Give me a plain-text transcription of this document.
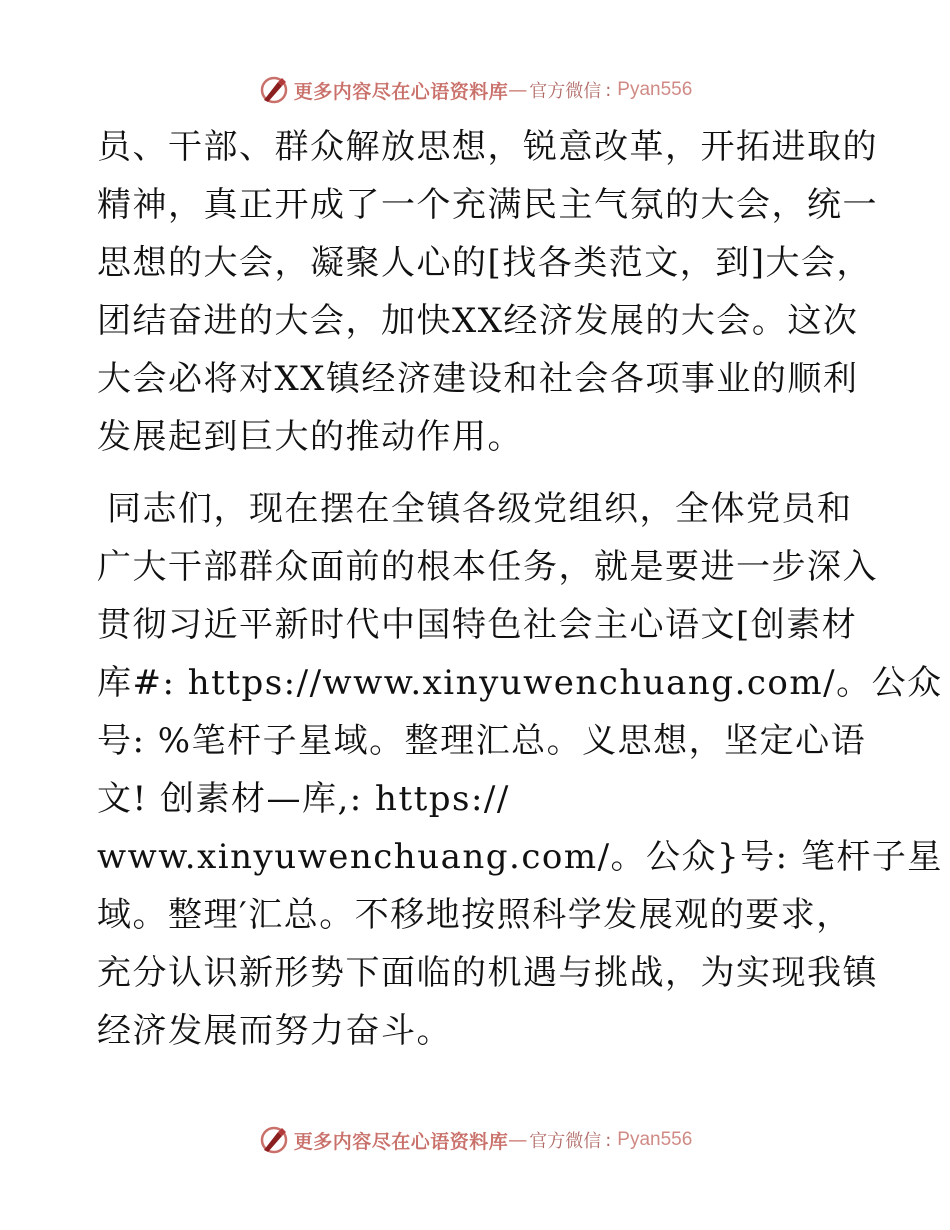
更多内容尽在心语资料库 — 官方微信 : Pyan556

员、干部、群众解放思想，锐意改革，开拓进取的
精神，真正开成了一个充满民主气氛的大会，统一
思想的大会，凝聚人心的[找各类范文，到]大会，
团结奋进的大会，加快XX经济发展的大会。这次
大会必将对XX镇经济建设和社会各项事业的顺利
发展起到巨大的推动作用。

同志们，现在摆在全镇各级党组织，全体党员和
广大干部群众面前的根本任务，就是要进一步深入
贯彻习近平新时代中国特色社会主心语文[创素材
库#: https://www.xinyuwenchuang.com/。公众
号: %笔杆子星域。整理汇总。义思想，坚定心语
文! 创素材—库,: https://
www.xinyuwenchuang.com/。公众}号: 笔杆子星
域。整理′汇总。不移地按照科学发展观的要求，
充分认识新形势下面临的机遇与挑战，为实现我镇
经济发展而努力奋斗。

更多内容尽在心语资料库 — 官方微信 : Pyan556
